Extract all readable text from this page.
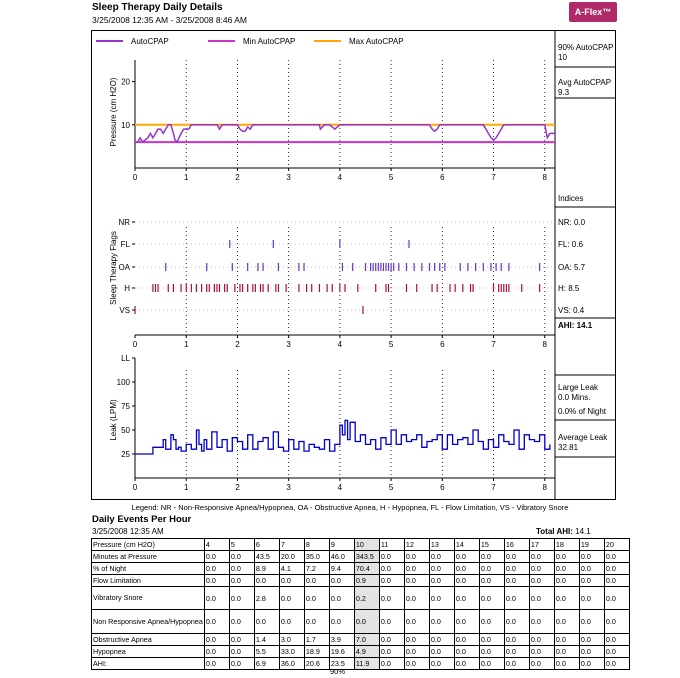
Sleep Therapy Daily Details
3/25/2008 12:35 AM - 3/25/2008 8:46 AM
A-Flex™
0	1	2	3	4	5	6	7	8
20
10
Pressure (cm H2O)
AutoCPAP	Min AutoCPAP	Max AutoCPAP
90% AutoCPAP
10
Avg AutoCPAP
9.3
0	1	2	3	4	5	6	7	8
NR
FL
OA
H
VS
Sleep Therapy Flags
Indices
NR: 0.0
FL: 0.6
OA: 5.7
H: 8.5
VS: 0.4
AHI: 14.1
0	1	2	3	4	5	6	7	8
LL
100
75
50
25
Leak (LPM)
Large Leak
0.0 Mins.
0.0% of Night
Average Leak
32.81
Legend: NR - Non-Responsive Apnea/Hypopnea, OA - Obstructive Apnea, H - Hypopnea, FL - Flow Limitation, VS - Vibratory Snore
Daily Events Per Hour
3/25/2008 12:35 AM	Total AHI: 14.1
Pressure (cm H2O)	4	5	6	7	8	9	10	11	12	13	14	15	16	17	18	19	20
Minutes at Pressure	0.0	0.0	43.5	20.0	35.0	46.0	343.5	0.0	0.0	0.0	0.0	0.0	0.0	0.0	0.0	0.0	0.0
% of Night	0.0	0.0	8.9	4.1	7.2	9.4	70.4	0.0	0.0	0.0	0.0	0.0	0.0	0.0	0.0	0.0	0.0
Flow Limitation	0.0	0.0	0.0	0.0	0.0	0.0	0.9	0.0	0.0	0.0	0.0	0.0	0.0	0.0	0.0	0.0	0.0
Vibratory Snore	0.0	0.0	2.8	0.0	0.0	0.0	0.2	0.0	0.0	0.0	0.0	0.0	0.0	0.0	0.0	0.0	0.0
Non Responsive Apnea/Hypopnea	0.0	0.0	0.0	0.0	0.0	0.0	0.0	0.0	0.0	0.0	0.0	0.0	0.0	0.0	0.0	0.0	0.0
Obstructive Apnea	0.0	0.0	1.4	3.0	1.7	3.9	7.0	0.0	0.0	0.0	0.0	0.0	0.0	0.0	0.0	0.0	0.0
Hypopnea	0.0	0.0	5.5	33.0	18.9	19.6	4.9	0.0	0.0	0.0	0.0	0.0	0.0	0.0	0.0	0.0	0.0
AHI:	0.0	0.0	6.9	36.0	20.6	23.5	11.9	0.0	0.0	0.0	0.0	0.0	0.0	0.0	0.0	0.0	0.0
90%
